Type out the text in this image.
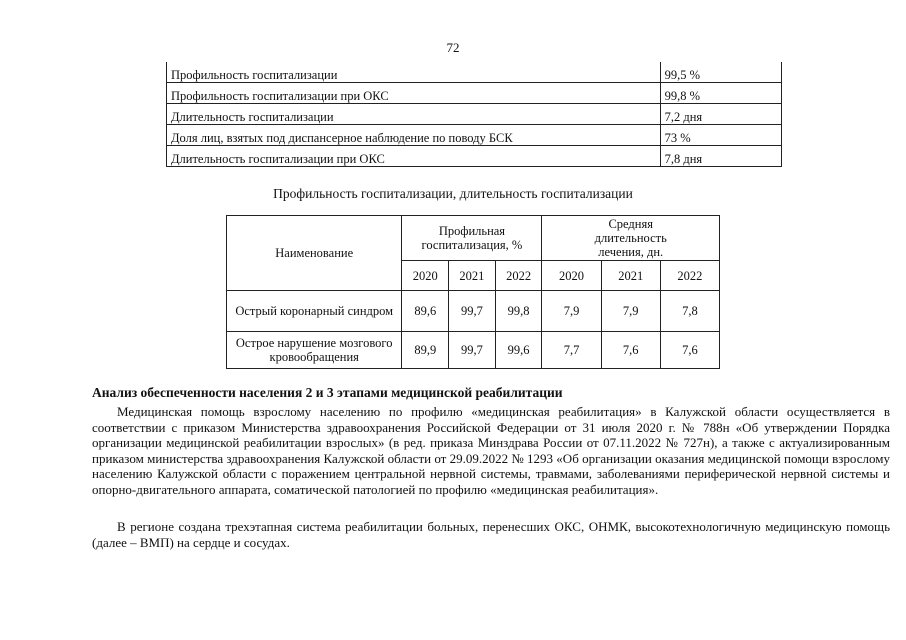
72
Профильность госпитализации	99,5 %
Профильность госпитализации при ОКС	99,8 %
Длительность госпитализации	7,2 дня
Доля лиц, взятых под диспансерное наблюдение по поводу БСК	73 %
Длительность госпитализации при ОКС	7,8 дня
Профильность госпитализации, длительность госпитализации
Наименование	Профильная госпитализация, %			Средняя длительность лечения, дн.		
	2020	2021	2022	2020	2021	2022
Острый коронарный синдром	89,6	99,7	99,8	7,9	7,9	7,8
Острое нарушение мозгового кровообращения	89,9	99,7	99,6	7,7	7,6	7,6
Анализ обеспеченности населения 2 и 3 этапами медицинской реабилитации

Медицинская помощь взрослому населению по профилю «медицинская реабилитация» в Калужской области осуществляется в соответствии с приказом Министерства здравоохранения Российской Федерации от 31 июля 2020 г. № 788н «Об утверждении Порядка организации медицинской реабилитации взрослых» (в ред. приказа Минздрава России от 07.11.2022 № 727н), а также с актуализированным приказом министерства здравоохранения Калужской области от 29.09.2022 № 1293 «Об организации оказания медицинской помощи взрослому населению Калужской области с поражением центральной нервной системы, травмами, заболеваниями периферической нервной системы и опорно-двигательного аппарата, соматической патологией по профилю «медицинская реабилитация».

В регионе создана трехэтапная система реабилитации больных, перенесших ОКС, ОНМК, высокотехнологичную медицинскую помощь (далее – ВМП) на сердце и сосудах.
